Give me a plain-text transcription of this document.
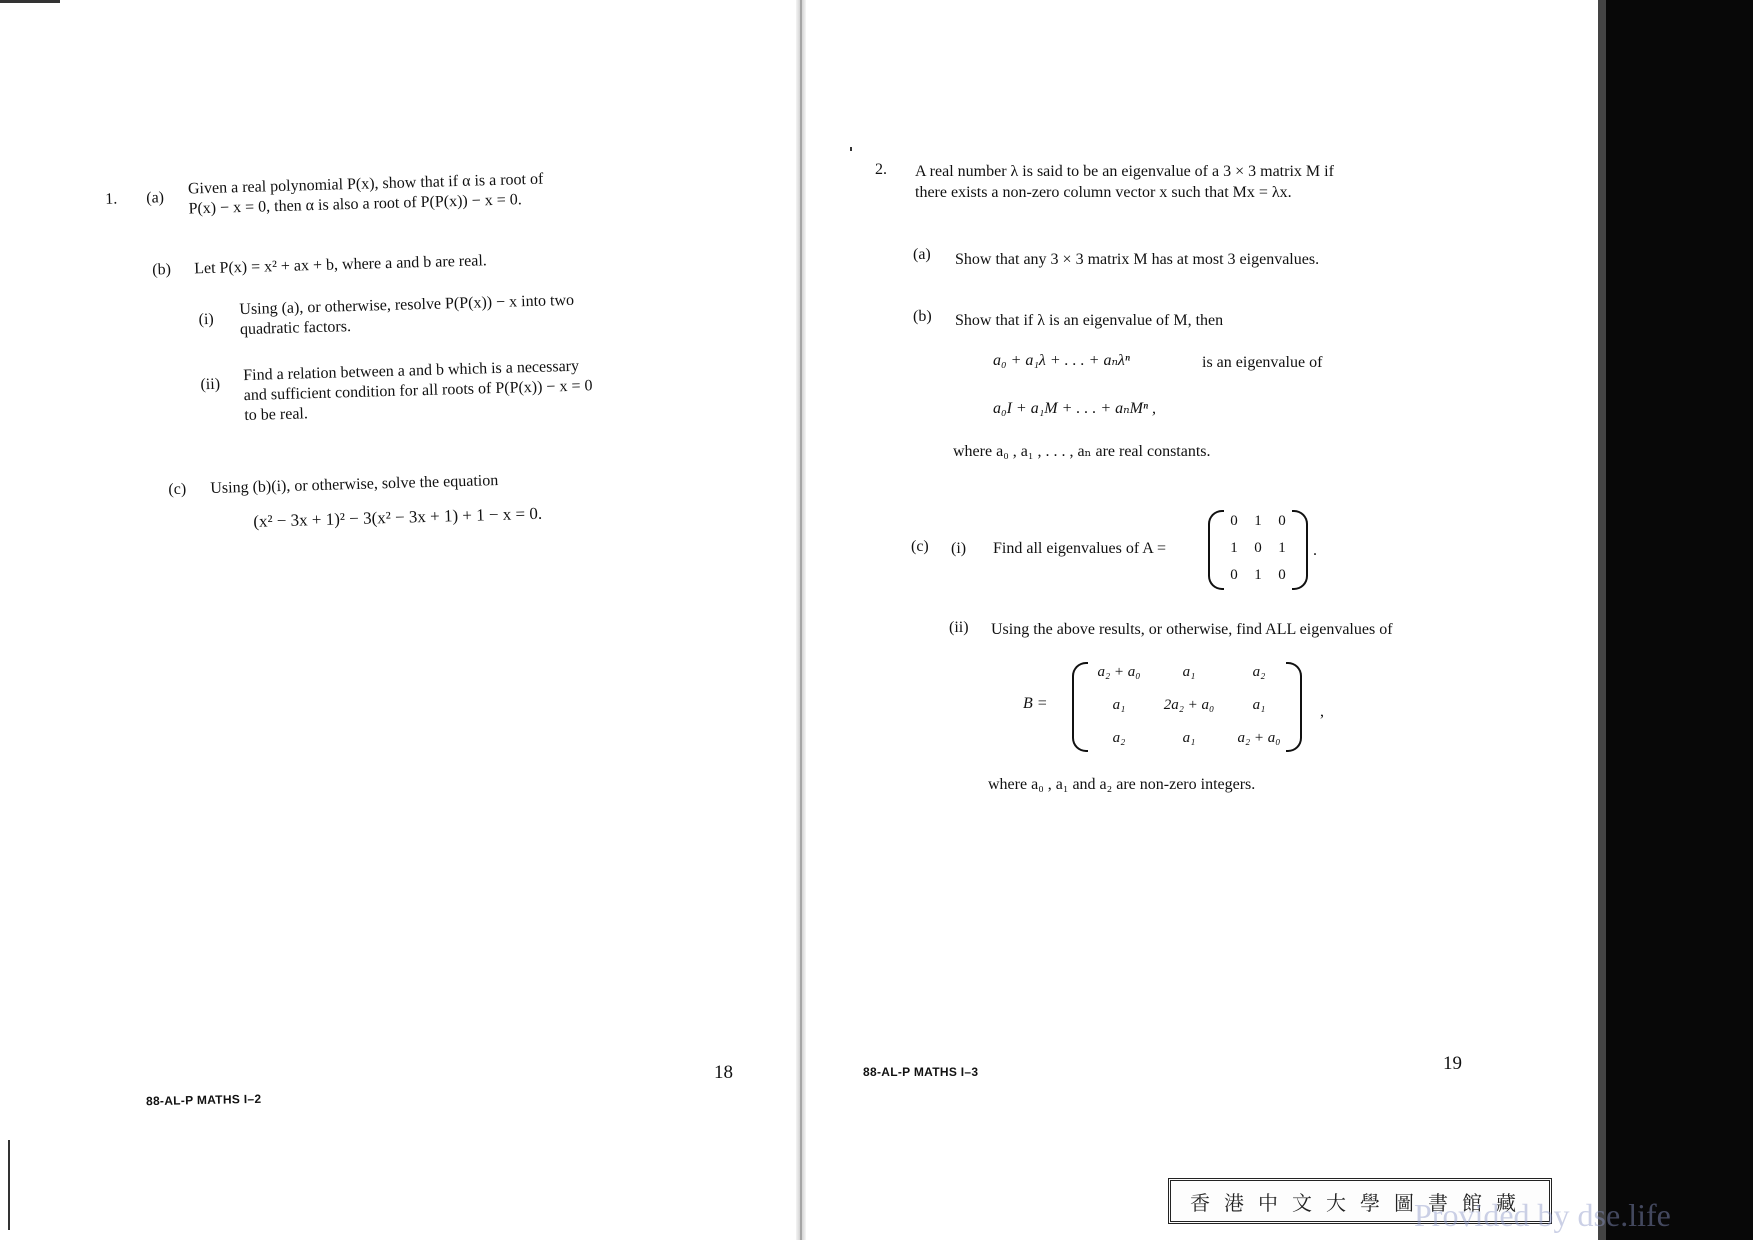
1. (a)
Given a real polynomial P(x), show that if α is a root of
P(x) − x = 0, then α is also a root of P(P(x)) − x = 0.
(b) Let P(x) = x² + ax + b, where a and b are real.
(i)
Using (a), or otherwise, resolve P(P(x)) − x into two
quadratic factors.
(ii)
Find a relation between a and b which is a necessary
and sufficient condition for all roots of P(P(x)) − x = 0
to be real.
(c) Using (b)(i), or otherwise, solve the equation
(x² − 3x + 1)² − 3(x² − 3x + 1) + 1 − x = 0.
18
88-AL-P MATHS I–2
2. A real number λ is said to be an eigenvalue of a 3 × 3 matrix M if
there exists a non-zero column vector x such that Mx = λx.
(a) Show that any 3 × 3 matrix M has at most 3 eigenvalues.
(b) Show that if λ is an eigenvalue of M, then
a₀ + a₁λ + . . . + aₙλⁿ	is an eigenvalue of
a₀I + a₁M + . . . + aₙMⁿ ,
where a₀ , a₁ , . . . , aₙ are real constants.
(c) (i) Find all eigenvalues of A =
0	1	0
1	0	1
0	1	0
.
(ii) Using the above results, or otherwise, find ALL eigenvalues of
B =
a₂ + a₀	a₁	a₂
a₁	2a₂ + a₀	a₁
a₂	a₁	a₂ + a₀
,
where a₀ , a₁ and a₂ are non-zero integers.
88-AL-P MATHS I–3	19
香港中文大學圖書館藏
Provided by dse.life
